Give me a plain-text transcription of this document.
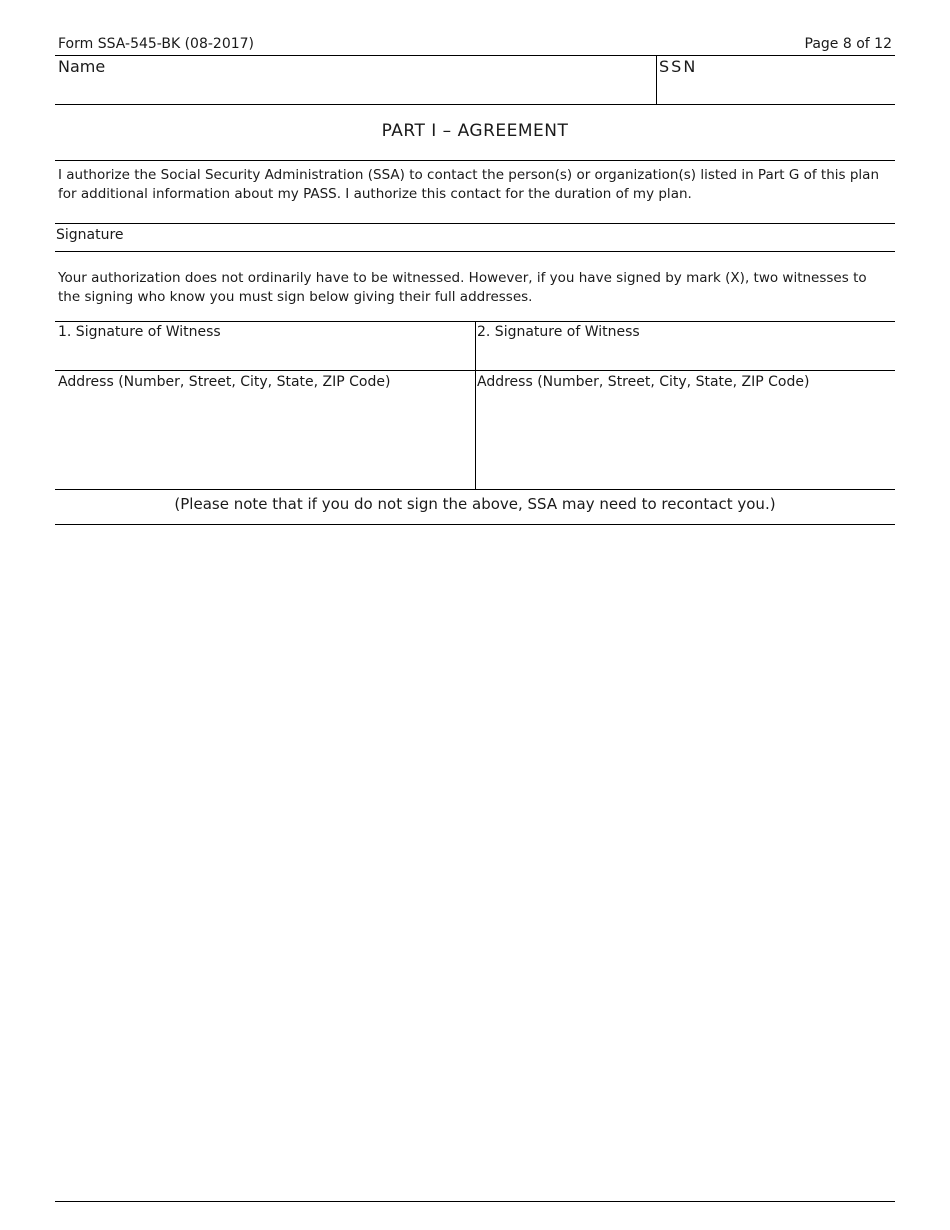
Form SSA-545-BK (08-2017)	Page 8 of 12
Name	SSN
PART I – AGREEMENT
I authorize the Social Security Administration (SSA) to contact the person(s) or organization(s) listed in Part G of this plan
for additional information about my PASS. I authorize this contact for the duration of my plan.
Signature
Your authorization does not ordinarily have to be witnessed. However, if you have signed by mark (X), two witnesses to
the signing who know you must sign below giving their full addresses.
1. Signature of Witness	2. Signature of Witness
Address (Number, Street, City, State, ZIP Code)	Address (Number, Street, City, State, ZIP Code)
(Please note that if you do not sign the above, SSA may need to recontact you.)
